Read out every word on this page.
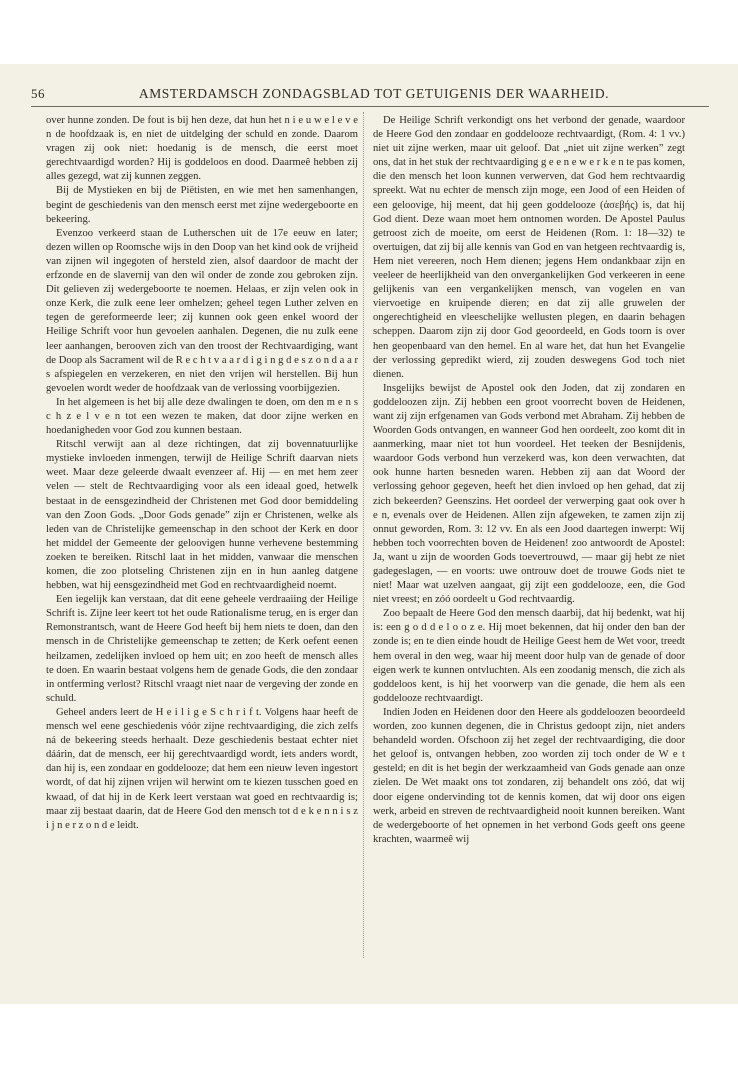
56	AMSTERDAMSCH ZONDAGSBLAD TOT GETUIGENIS DER WAARHEID.

over hunne zonden. De fout is bij hen deze, dat hun het n i e u w e l e v e n de hoofdzaak is, en niet de uitdelging der schuld en zonde. Daarom vragen zij ook niet: hoedanig is de mensch, die eerst moet gerechtvaardigd worden? Hij is goddeloos en dood. Daarmeê hebben zij alles gezegd, wat zij kunnen zeggen.

Bij de Mystieken en bij de Piëtisten, en wie met hen samenhangen, begint de geschiedenis van den mensch eerst met zijne wedergeboorte en bekeering.

Evenzoo verkeerd staan de Lutherschen uit de 17e eeuw en later; dezen willen op Roomsche wijs in den Doop van het kind ook de vrijheid van zijnen wil ingegoten of hersteld zien, alsof daardoor de macht der erfzonde en de slavernij van den wil onder de zonde zou gebroken zijn. Dit gelieven zij wedergeboorte te noemen. Helaas, er zijn velen ook in onze Kerk, die zulk eene leer omhelzen; geheel tegen Luther zelven en tegen de gereformeerde leer; zij kunnen ook geen enkel woord der Heilige Schrift voor hun gevoelen aanhalen. Degenen, die nu zulk eene leer aanhangen, berooven zich van den troost der Rechtvaardiging, want de Doop als Sacrament wil de R e c h t v a a r d i g i n g d e s z o n d a a r s afspiegelen en verzekeren, en niet den vrijen wil herstellen. Bij hun gevoelen wordt weder de hoofdzaak van de verlossing voorbijgezien.

In het algemeen is het bij alle deze dwalingen te doen, om den m e n s c h z e l v e n tot een wezen te maken, dat door zijne werken en hoedanigheden voor God zou kunnen bestaan.

Ritschl verwijt aan al deze richtingen, dat zij bovennatuurlijke mystieke invloeden inmengen, terwijl de Heilige Schrift daarvan niets weet. Maar deze geleerde dwaalt evenzeer af. Hij — en met hem zeer velen — stelt de Rechtvaardiging voor als een ideaal goed, hetwelk bestaat in de eensgezindheid der Christenen met God door bemiddeling van den Zoon Gods. „Door Gods genade” zijn er Christenen, welke als leden van de Christelijke gemeenschap in den schoot der Kerk en door het middel der Gemeente der geloovigen hunne verhevene bestemming zoeken te bereiken. Ritschl laat in het midden, vanwaar die menschen komen, die zoo plotseling Christenen zijn en in hun aanleg datgene hebben, wat hij eensgezindheid met God en rechtvaardigheid noemt.

Een iegelijk kan verstaan, dat dit eene geheele verdraaiing der Heilige Schrift is. Zijne leer keert tot het oude Rationalisme terug, en is erger dan Remonstrantsch, want de Heere God heeft bij hem niets te doen, dan den mensch in de Christelijke gemeenschap te zetten; de Kerk oefent eenen heilzamen, zedelijken invloed op hem uit; en zoo heeft de mensch alles te doen. En waarin bestaat volgens hem de genade Gods, die den zondaar in ontferming verlost? Ritschl vraagt niet naar de vergeving der zonde en schuld.

Geheel anders leert de H e i l i g e S c h r i f t. Volgens haar heeft de mensch wel eene geschiedenis vóór zijne rechtvaardiging, die zich zelfs ná de bekeering steeds herhaalt. Deze geschiedenis bestaat echter niet dáárin, dat de mensch, eer hij gerechtvaardigd wordt, iets anders wordt, dan hij is, een zondaar en goddelooze; dat hem een nieuw leven ingestort wordt, of dat hij zijnen vrijen wil herwint om te kiezen tusschen goed en kwaad, of dat hij in de Kerk leert verstaan wat goed en rechtvaardig is; maar zij bestaat daarin, dat de Heere God den mensch tot d e k e n n i s z i j n e r z o n d e leidt.

De Heilige Schrift verkondigt ons het verbond der genade, waardoor de Heere God den zondaar en goddelooze rechtvaardigt, (Rom. 4: 1 vv.) niet uit zijne werken, maar uit geloof. Dat „niet uit zijne werken” zegt ons, dat in het stuk der rechtvaardiging g e e n e w e r k e n te pas komen, die den mensch het loon kunnen verwerven, dat God hem rechtvaardig spreekt. Wat nu echter de mensch zijn moge, een Jood of een Heiden of een geloovige, hij meent, dat hij geen goddelooze (ἀσεβής) is, dat hij God dient. Deze waan moet hem ontnomen worden. De Apostel Paulus getroost zich de moeite, om eerst de Heidenen (Rom. 1: 18—32) te overtuigen, dat zij bij alle kennis van God en van hetgeen rechtvaardig is, Hem niet vereeren, noch Hem dienen; jegens Hem ondankbaar zijn en veeleer de heerlijkheid van den onvergankelijken God verkeeren in eene gelijkenis van een vergankelijken mensch, van vogelen en van viervoetige en kruipende dieren; en dat zij alle gruwelen der ongerechtigheid en vleeschelijke wellusten plegen, en daarin behagen scheppen. Daarom zijn zij door God geoordeeld, en Gods toorn is over hen geopenbaard van den hemel. En al ware het, dat hun het Evangelie der verlossing gepredikt wierd, zij zouden deswegens God toch niet dienen.

Insgelijks bewijst de Apostel ook den Joden, dat zij zondaren en goddeloozen zijn. Zij hebben een groot voorrecht boven de Heidenen, want zij zijn erfgenamen van Gods verbond met Abraham. Zij hebben de Woorden Gods ontvangen, en wanneer God hen oordeelt, zoo komt dit in aanmerking, maar niet tot hun voordeel. Het teeken der Besnijdenis, waardoor Gods verbond hun verzekerd was, kon deen verwachten, dat ook hunne harten besneden waren. Hebben zij aan dat Woord der verlossing gehoor gegeven, heeft het dien invloed op hen gehad, dat zij zich bekeerden? Geenszins. Het oordeel der verwerping gaat ook over h e n, evenals over de Heidenen. Allen zijn afgeweken, te zamen zijn zij onnut geworden, Rom. 3: 12 vv. En als een Jood daartegen inwerpt: Wij hebben toch voorrechten boven de Heidenen! zoo antwoordt de Apostel: Ja, want u zijn de woorden Gods toevertrouwd, — maar gij hebt ze niet gadegeslagen, — en voorts: uwe ontrouw doet de trouwe Gods niet te niet! Maar wat uzelven aangaat, gij zijt een goddelooze, een, die God niet vreest; en zóó oordeelt u God rechtvaardig.

Zoo bepaalt de Heere God den mensch daarbij, dat hij bedenkt, wat hij is: een g o d d e l o o z e. Hij moet bekennen, dat hij onder den ban der zonde is; en te dien einde houdt de Heilige Geest hem de Wet voor, treedt hem overal in den weg, waar hij meent door hulp van de genade of door eigen werk te kunnen ontvluchten. Als een zoodanig mensch, die zich als goddeloos kent, is hij het voorwerp van die genade, die hem als een goddelooze rechtvaardigt.

Indien Joden en Heidenen door den Heere als goddeloozen beoordeeld worden, zoo kunnen degenen, die in Christus gedoopt zijn, niet anders behandeld worden. Ofschoon zij het zegel der rechtvaardiging, die door het geloof is, ontvangen hebben, zoo worden zij toch onder de W e t gesteld; en dit is het begin der werkzaamheid van Gods genade aan onze zielen. De Wet maakt ons tot zondaren, zij behandelt ons zóó, dat wij door eigene ondervinding tot de kennis komen, dat wij door ons eigen werk, arbeid en streven de rechtvaardigheid nooit kunnen bereiken. Want de wedergeboorte of het opnemen in het verbond Gods geeft ons geene krachten, waarmeê wij
